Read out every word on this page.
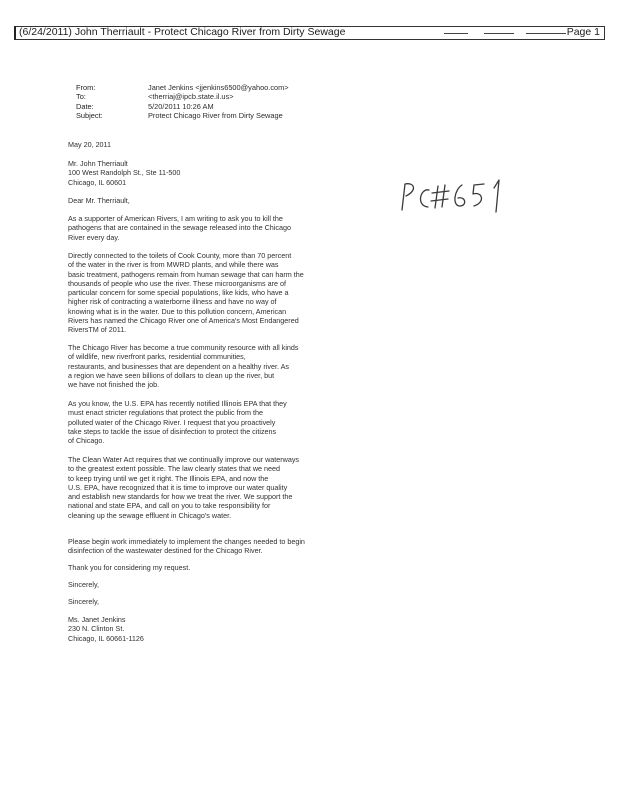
(6/24/2011) John Therriault - Protect Chicago River from Dirty Sewage	Page 1
From:	Janet Jenkins <jjenkins6500@yahoo.com>
To:	<therriaj@ipcb.state.il.us>
Date:	5/20/2011 10:26 AM
Subject:	Protect Chicago River from Dirty Sewage
May 20, 2011
Mr. John Therriault
100 West Randolph St., Ste 11-500
Chicago, IL 60601
Dear Mr. Therriault,
As a supporter of American Rivers, I am writing to ask you to kill the
pathogens that are contained in the sewage released into the Chicago
River every day.
Directly connected to the toilets of Cook County, more than 70 percent
of the water in the river is from MWRD plants, and while there was
basic treatment, pathogens remain from human sewage that can harm the
thousands of people who use the river. These microorganisms are of
particular concern for some special populations, like kids, who have a
higher risk of contracting a waterborne illness and have no way of
knowing what is in the water. Due to this pollution concern, American
Rivers has named the Chicago River one of America's Most Endangered
RiversTM of 2011.
The Chicago River has become a true community resource with all kinds
of wildlife, new riverfront parks, residential communities,
restaurants, and businesses that are dependent on a healthy river. As
a region we have seen billions of dollars to clean up the river, but
we have not finished the job.
As you know, the U.S. EPA has recently notified Illinois EPA that they
must enact stricter regulations that protect the public from the
polluted water of the Chicago River. I request that you proactively
take steps to tackle the issue of disinfection to protect the citizens
of Chicago.
The Clean Water Act requires that we continually improve our waterways
to the greatest extent possible. The law clearly states that we need
to keep trying until we get it right. The Illinois EPA, and now the
U.S. EPA, have recognized that it is time to improve our water quality
and establish new standards for how we treat the river. We support the
national and state EPA, and call on you to take responsibility for
cleaning up the sewage effluent in Chicago's water.
Please begin work immediately to implement the changes needed to begin
disinfection of the wastewater destined for the Chicago River.
Thank you for considering my request.
Sincerely,
Sincerely,
Ms. Janet Jenkins
230 N. Clinton St.
Chicago, IL 60661-1126
